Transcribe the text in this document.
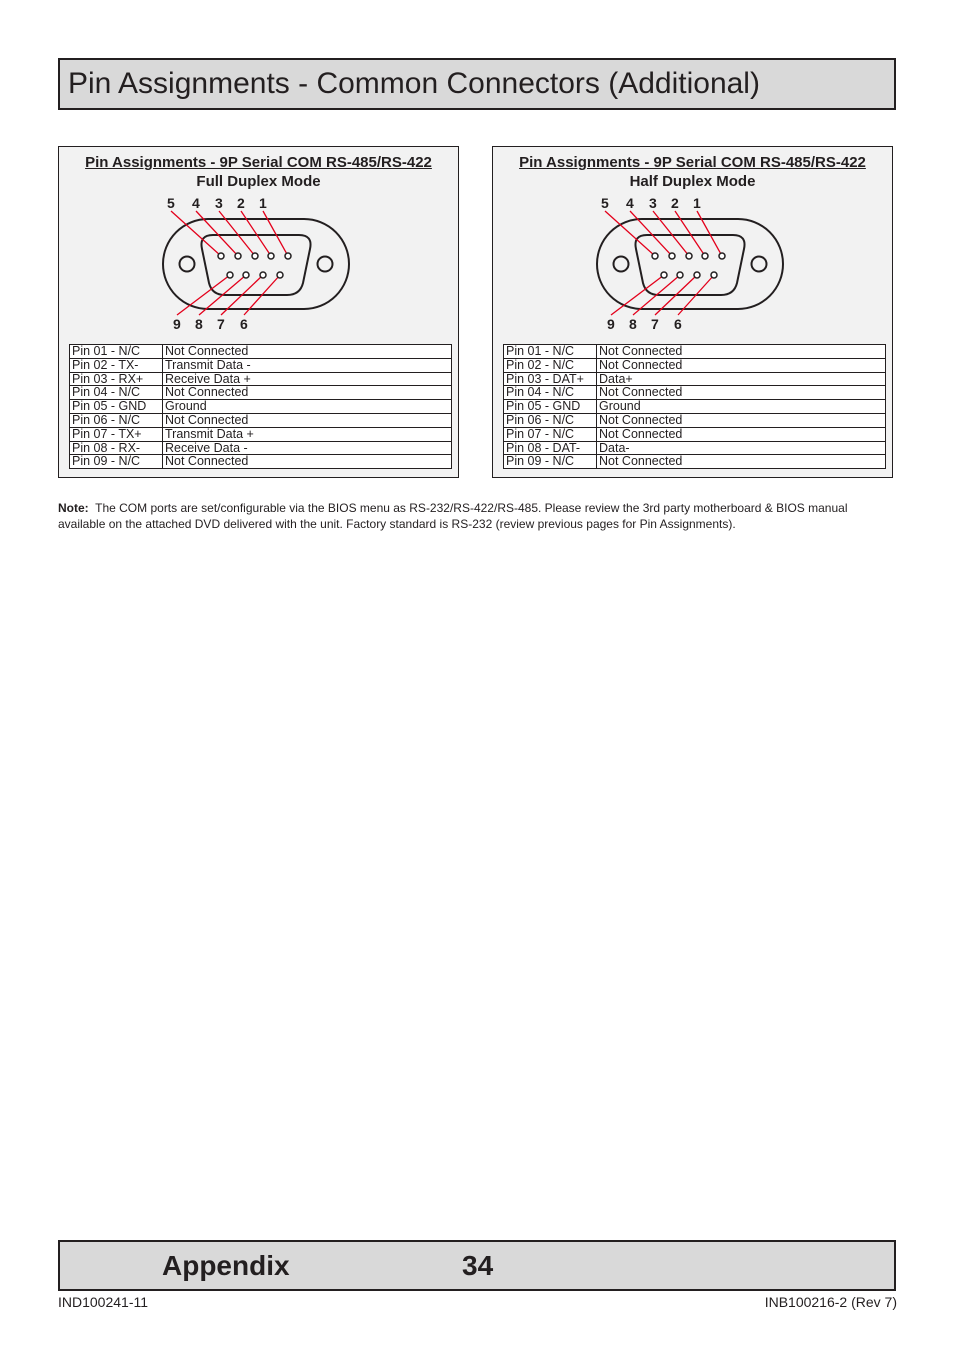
Pin Assignments - Common Connectors (Additional)
Pin Assignments - 9P Serial COM RS-485/RS-422
Full Duplex Mode
5 4 3 2 1
9 8 7 6
Pin 01 - N/C	Not Connected
Pin 02 - TX-	Transmit Data -
Pin 03 - RX+	Receive Data +
Pin 04 - N/C	Not Connected
Pin 05 - GND	Ground
Pin 06 - N/C	Not Connected
Pin 07 - TX+	Transmit Data +
Pin 08 - RX-	Receive Data -
Pin 09 - N/C	Not Connected
Pin Assignments - 9P Serial COM RS-485/RS-422
Half Duplex Mode
5 4 3 2 1
9 8 7 6
Pin 01 - N/C	Not Connected
Pin 02 - N/C	Not Connected
Pin 03 - DAT+	Data+
Pin 04 - N/C	Not Connected
Pin 05 - GND	Ground
Pin 06 - N/C	Not Connected
Pin 07 - N/C	Not Connected
Pin 08 - DAT-	Data-
Pin 09 - N/C	Not Connected
Note: The COM ports are set/configurable via the BIOS menu as RS-232/RS-422/RS-485. Please review the 3rd party motherboard & BIOS manual available on the attached DVD delivered with the unit. Factory standard is RS-232 (review previous pages for Pin Assignments).
Appendix	34
IND100241-11	INB100216-2 (Rev 7)
